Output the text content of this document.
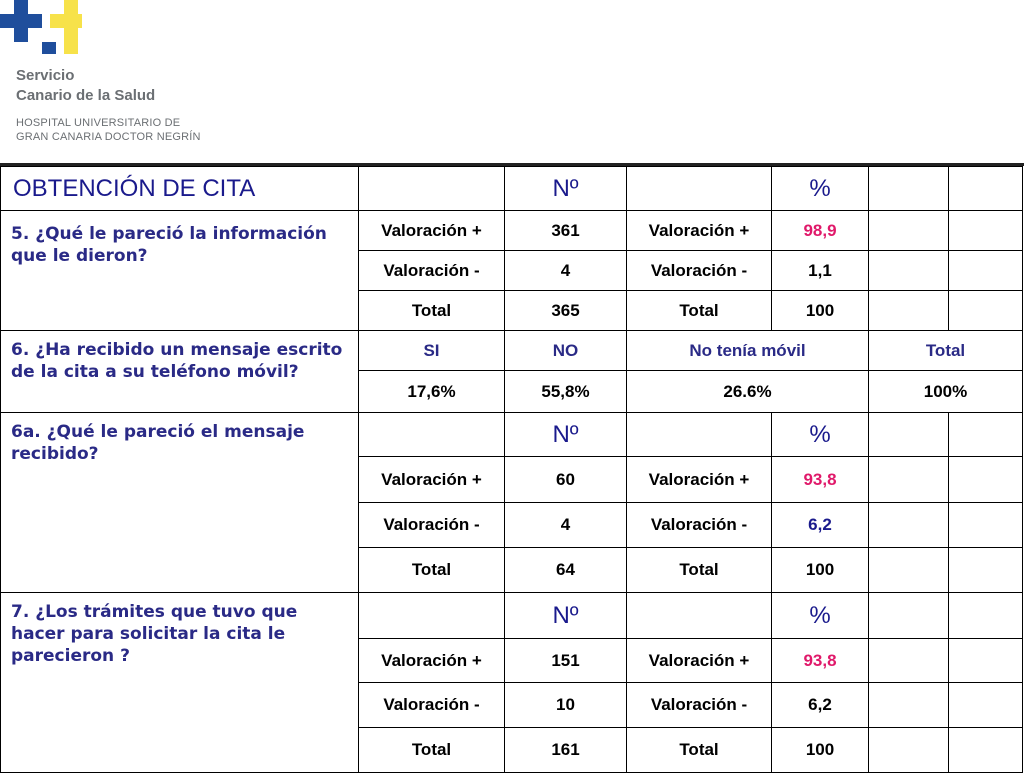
Servicio
Canario de la Salud
HOSPITAL UNIVERSITARIO DE
GRAN CANARIA DOCTOR NEGRÍN
OBTENCIÓN DE CITA		Nº		%		
5. ¿Qué le pareció la información que le dieron?	Valoración +	361	Valoración +	98,9		
	Valoración -	4	Valoración -	1,1		
	Total	365	Total	100		
6. ¿Ha recibido un mensaje escrito de la cita a su teléfono móvil?	SI	NO	No tenía móvil		Total	
	17,6%	55,8%	26.6%		100%	
6a. ¿Qué le pareció el mensaje recibido?		Nº		%		
	Valoración +	60	Valoración +	93,8		
	Valoración -	4	Valoración -	6,2		
	Total	64	Total	100		
7. ¿Los trámites que tuvo que hacer para solicitar la cita le parecieron ?		Nº		%		
	Valoración +	151	Valoración +	93,8		
	Valoración -	10	Valoración -	6,2		
	Total	161	Total	100		
